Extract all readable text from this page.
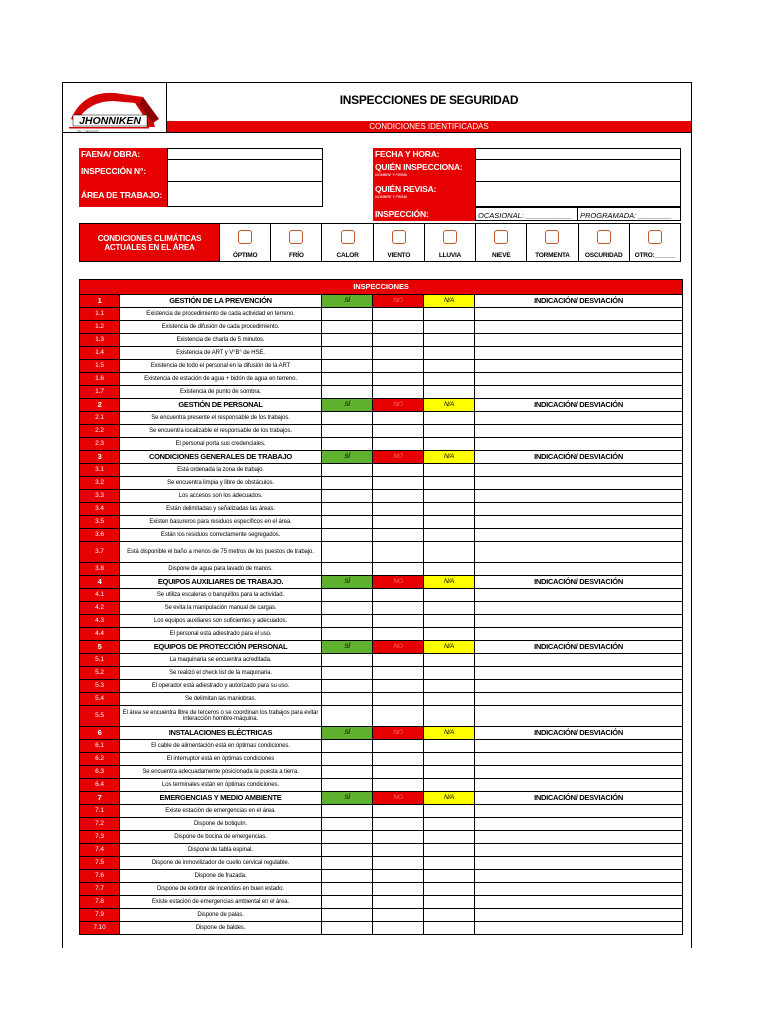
JHONNIKEN
INSPECCIONES DE SEGURIDAD
CONDICIONES IDENTIFICADAS
FAENA/ OBRA:
INSPECCIÓN N°:
ÁREA DE TRABAJO:
FECHA Y HORA:
QUIÉN INSPECCIONA:
NOMBRE Y FIRMA
QUIÉN REVISA:
NOMBRE Y FIRMA
INSPECCIÓN:	OCASIONAL: ___________ PROGRAMADA: ________
CONDICIONES CLIMÁTICAS ACTUALES EN EL ÁREA
ÓPTIMO	FRÍO	CALOR	VIENTO	LLUVIA	NIEVE	TORMENTA	OSCURIDAD	OTRO:______
INSPECCIONES					
1	GESTIÓN DE LA PREVENCIÓN	SÍ	NO	N/A	INDICACIÓN/ DESVIACIÓN
1.1	Existencia de procedimiento de cada actividad en terreno.				
1.2	Existencia de difusión de cada procedimiento.				
1.3	Existencia de charla de 5 minutos.				
1.4	Existencia de ART y V°B° de HSE.				
1.5	Existencia de todo el personal en la difusión de la ART				
1.6	Existencia de estación de agua + bidón de agua en terreno.				
1.7	Existencia de punto de sombra.				
2	GESTIÓN DE PERSONAL	SÍ	NO	N/A	INDICACIÓN/ DESVIACIÓN
2.1	Se encuentra presente el responsable de los trabajos.				
2.2	Se encuentra localizable el responsable de los trabajos.				
2.3	El personal porta sus credenciales.				
3	CONDICIONES GENERALES DE TRABAJO	SÍ	NO	N/A	INDICACIÓN/ DESVIACIÓN
3.1	Está ordenada la zona de trabajo.				
3.2	Se encuentra limpia y libre de obstáculos.				
3.3	Los accesos son los adecuados.				
3.4	Están delimitadas y señalizadas las áreas.				
3.5	Existen basureros para residuos específicos en el área.				
3.6	Están los residuos correctamente segregados.				
3.7	Está disponible el baño a menos de 75 metros de los puestos de trabajo.				
3.8	Dispone de agua para lavado de manos.				
4	EQUIPOS AUXILIARES DE TRABAJO.	SÍ	NO	N/A	INDICACIÓN/ DESVIACIÓN
4.1	Se utiliza escaleras o banquillos para la actividad.				
4.2	Se evita la manipulación manual de cargas.				
4.3	Los equipos auxiliares son suficientes y adecuados.				
4.4	El personal está adiestrado para el uso.				
5	EQUIPOS DE PROTECCIÓN PERSONAL	SÍ	NO	N/A	INDICACIÓN/ DESVIACIÓN
5.1	La maquinaria se encuentra acreditada.				
5.2	Se realizó el check list de la maquinaria.				
5.3	El operador está adiestrado y autorizado para su uso.				
5.4	Se delimitan las maniobras.				
5.5	El área se encuentra libre de terceros o se coordinan los trabajos para evitar interacción hombre-máquina.				
6	INSTALACIONES ELÉCTRICAS	SÍ	NO	N/A	INDICACIÓN/ DESVIACIÓN
6.1	El cable de alimentación está en óptimas condiciones.				
6.2	El interruptor está en óptimas condiciones				
6.3	Se encuentra adecuadamente posicionada la puesta a tierra.				
6.4	Los terminales están en óptimas condiciones.				
7	EMERGENCIAS Y MEDIO AMBIENTE	SÍ	NO	N/A	INDICACIÓN/ DESVIACIÓN
7.1	Existe estación de emergencias en el área.				
7.2	Dispone de botiquín.				
7.3	Dispone de bocina de emergencias.				
7.4	Dispone de tabla espinal.				
7.5	Dispone de inmovilizador de cuello cervical regulable.				
7.6	Dispone de frazada.				
7.7	Dispone de extintor de incendios en buen estado.				
7.8	Existe estación de emergencias ambiental en el área.				
7.9	Dispone de palas.				
7.10	Dispone de baldes.				
